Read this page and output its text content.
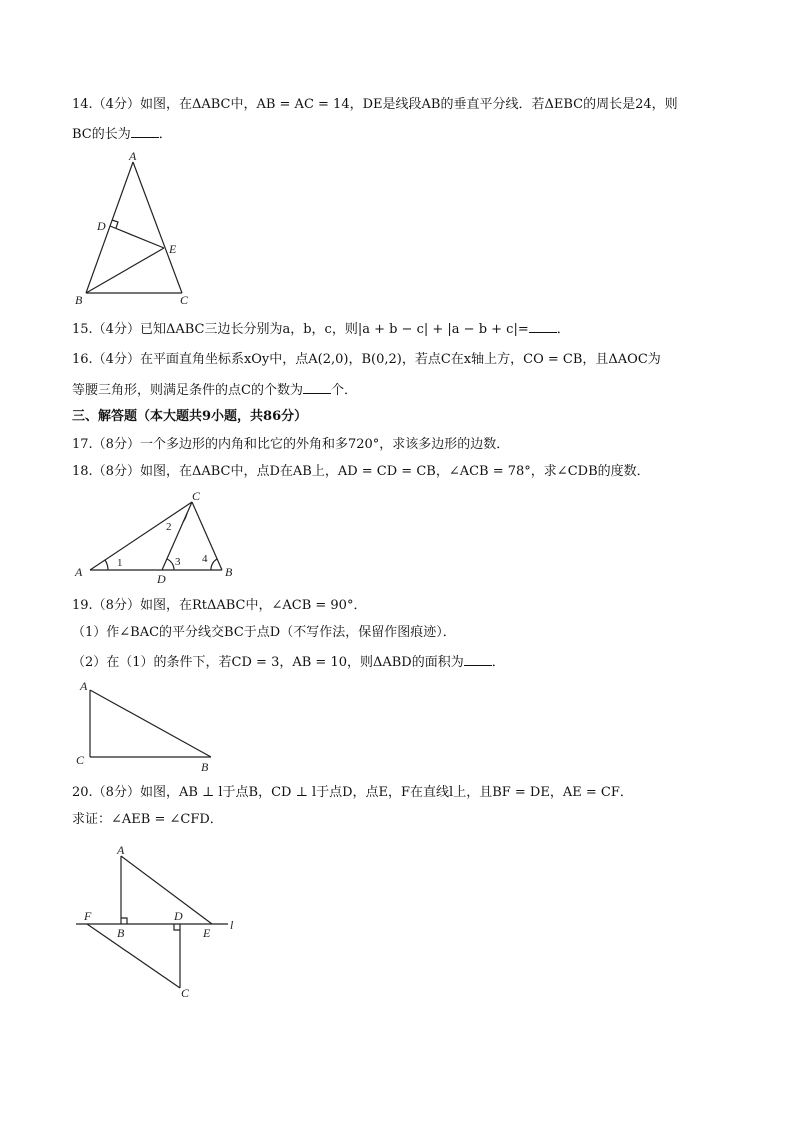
14.（4分）如图，在ΔABC中，AB = AC = 14，DE是线段AB的垂直平分线．若ΔEBC的周长是24，则
BC的长为 ．
A
B	C
D
E
15.（4分）已知ΔABC三边长分别为a，b，c，则|a + b − c| + |a − b + c|= ．
16.（4分）在平面直角坐标系xOy中，点A(2,0)，B(0,2)，若点C在x轴上方，CO = CB，且ΔAOC为
等腰三角形，则满足条件的点C的个数为 个．
三、解答题（本大题共9小题，共86分）
17.（8分）一个多边形的内角和比它的外角和多720°，求该多边形的边数．
18.（8分）如图，在ΔABC中，点D在AB上，AD = CD = CB，∠ACB = 78°，求∠CDB的度数．
C
A	D	B
1
2
3 4
19.（8分）如图，在RtΔABC中，∠ACB = 90°．
（1）作∠BAC的平分线交BC于点D（不写作法，保留作图痕迹）．
（2）在（1）的条件下，若CD = 3，AB = 10，则ΔABD的面积为 ．
A
C	B
20.（8分）如图，AB ⊥ l于点B，CD ⊥ l于点D，点E，F在直线l上，且BF = DE，AE = CF．
求证：∠AEB = ∠CFD．
A
F
B
D
E
l
C
